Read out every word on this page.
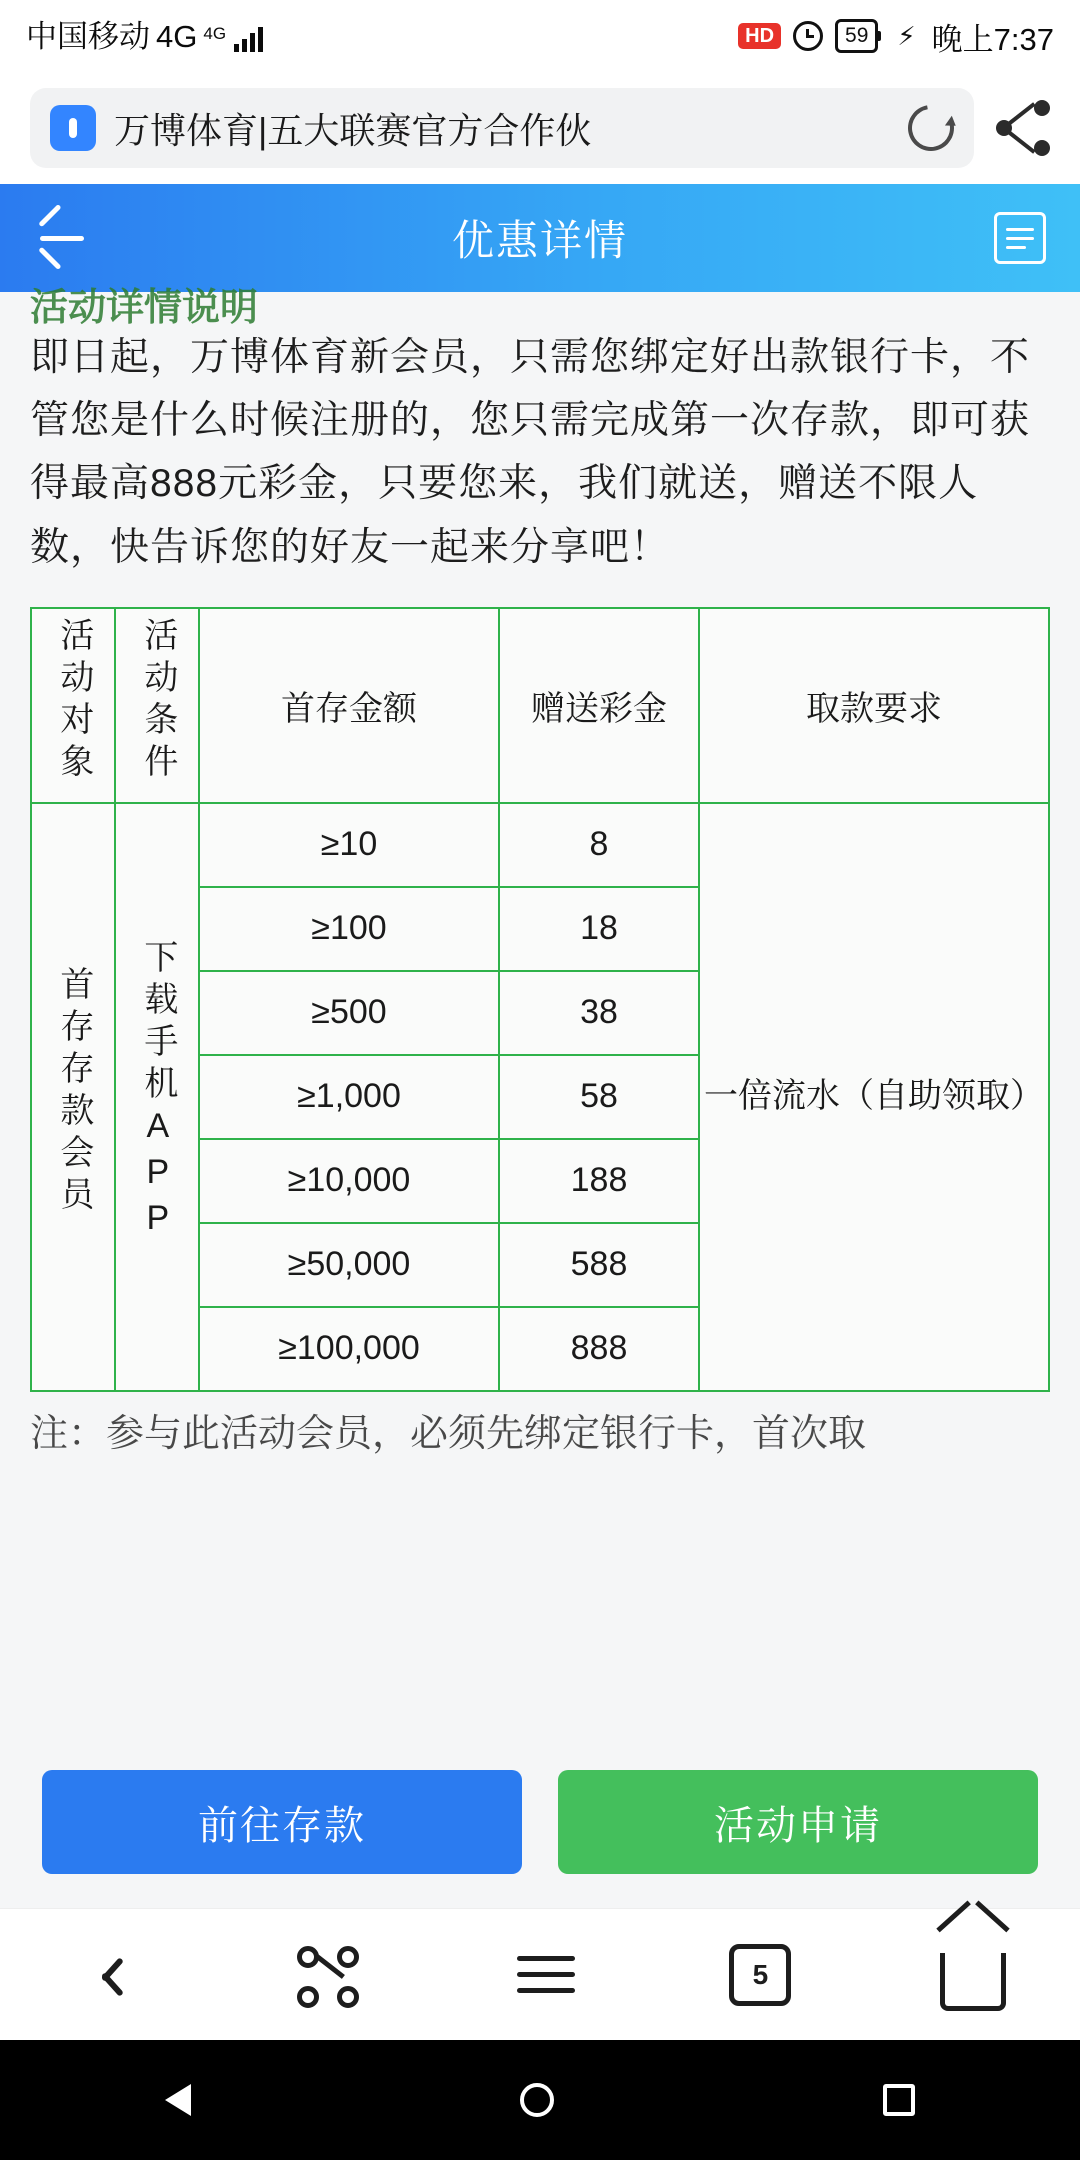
中国移动 4G 4G	HD	59	⚡ 晚上7:37
万博体育|五大联赛官方合作伙
优惠详情
活动详情说明
即日起，万博体育新会员，只需您绑定好出款银行卡，不管您是什么时候注册的，您只需完成第一次存款，即可获得最高888元彩金，只要您来，我们就送，赠送不限人数，快告诉您的好友一起来分享吧！
活动对象	活动条件	首存金额	赠送彩金	取款要求
首存存款会员	下载手机APP	≥10	8	一倍流水（自助领取）
		≥100	18	
		≥500	38	
		≥1,000	58	
		≥10,000	188	
		≥50,000	588	
		≥100,000	888	
注：参与此活动会员，必须先绑定银行卡，首次取
前往存款	活动申请
5
